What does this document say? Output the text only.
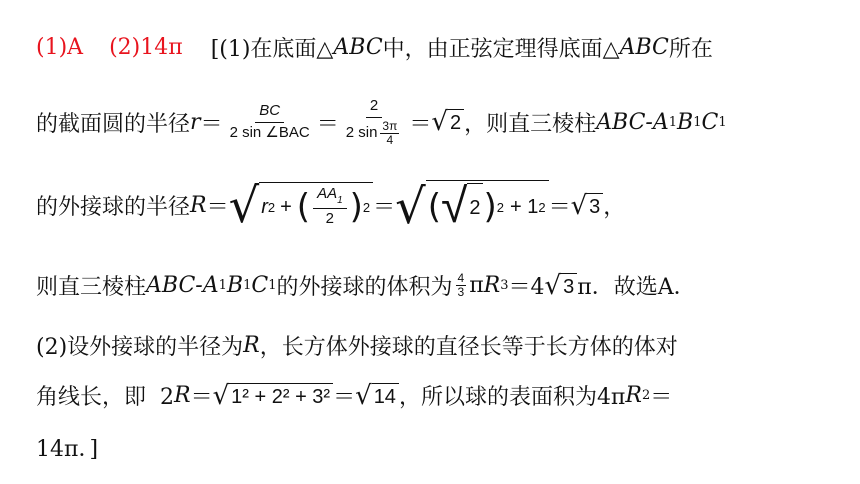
(1)A (2)14π [(1)在底面△ ABC 中，由正弦定理得底面△ ABC 所在
的截面圆的半径 $r = \frac{BC}{\text{2 sin ∠BAC}} = \frac{2}{2 \sin \frac{3\pi}{4}}$ ＝ √ 2 ，则直三棱柱 ABC-A 1 B 1 C 1
的外接球的半径 R ＝ √ r 2 + ( $\frac{AA_1}{2}$ ) 2 ＝ √ ( √ 2 ) 2 + 1 2 ＝ √ 3 ，
则直三棱柱 ABC-A 1 B 1 C 1 的外接球的体积为 $\frac{4}{3}$ π R 3 ＝4 √ 3 π．故选A．
(2)设外接球的半径为 R ，长方体外接球的直径长等于长方体的体对
角线长，即  2 R ＝ √ 1² + 2² + 3² ＝ √ 14 ，所以球的表面积为4π R 2 ＝
14π．]
